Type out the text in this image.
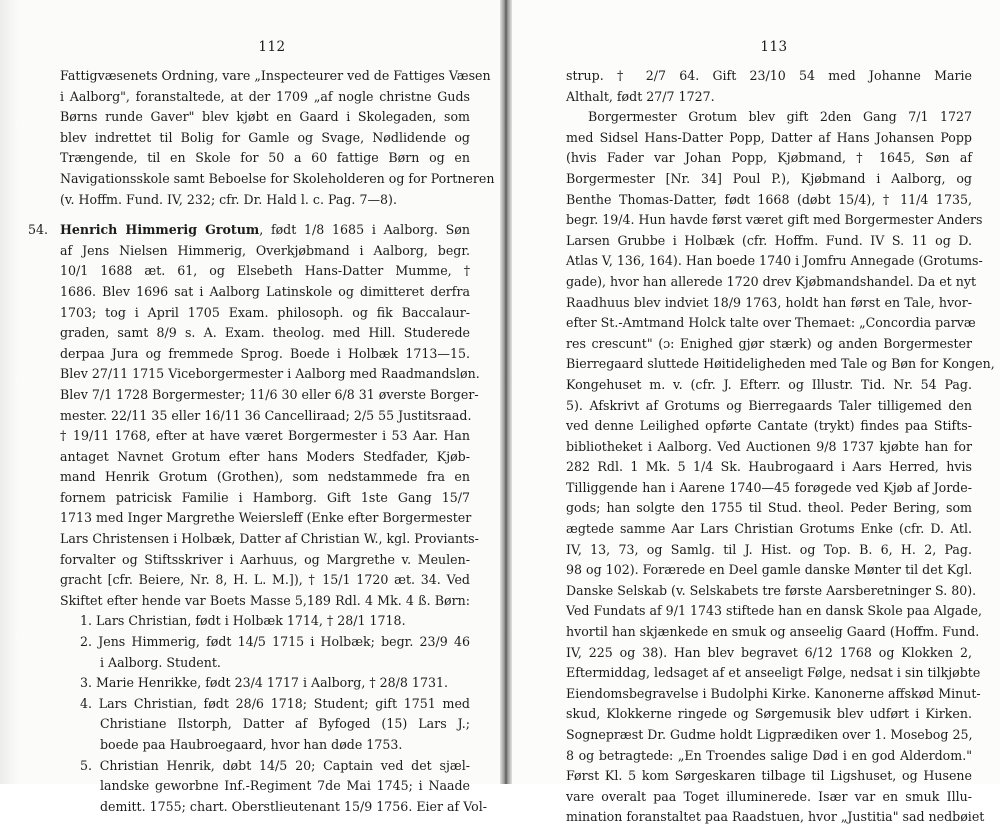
112
Fattigvæsenets Ordning, vare „Inspecteurer ved de Fattiges Væsen
i Aalborg", foranstaltede, at der 1709 „af nogle christne Guds
Børns runde Gaver" blev kjøbt en Gaard i Skolegaden, som
blev indrettet til Bolig for Gamle og Svage, Nødlidende og
Trængende, til en Skole for 50 a 60 fattige Børn og en
Navigationsskole samt Beboelse for Skoleholderen og for Portneren
(v. Hoffm. Fund. IV, 232; cfr. Dr. Hald l. c. Pag. 7—8).
54. Henrich Himmerig Grotum, født 1/8 1685 i Aalborg. Søn
af Jens Nielsen Himmerig, Overkjøbmand i Aalborg, begr.
10/1 1688 æt. 61, og Elsebeth Hans-Datter Mumme, †
1686. Blev 1696 sat i Aalborg Latinskole og dimitteret derfra
1703; tog i April 1705 Exam. philosoph. og fik Baccalaur-
graden, samt 8/9 s. A. Exam. theolog. med Hill. Studerede
derpaa Jura og fremmede Sprog. Boede i Holbæk 1713—15.
Blev 27/11 1715 Viceborgermester i Aalborg med Raadmandsløn.
Blev 7/1 1728 Borgermester; 11/6 30 eller 6/8 31 øverste Borger-
mester. 22/11 35 eller 16/11 36 Cancelliraad; 2/5 55 Justitsraad.
† 19/11 1768, efter at have været Borgermester i 53 Aar. Han
antaget Navnet Grotum efter hans Moders Stedfader, Kjøb-
mand Henrik Grotum (Grothen), som nedstammede fra en
fornem patricisk Familie i Hamborg. Gift 1ste Gang 15/7
1713 med Inger Margrethe Weiersleff (Enke efter Borgermester
Lars Christensen i Holbæk, Datter af Christian W., kgl. Proviants-
forvalter og Stiftsskriver i Aarhuus, og Margrethe v. Meulen-
gracht [cfr. Beiere, Nr. 8, H. L. M.]), † 15/1 1720 æt. 34. Ved
Skiftet efter hende var Boets Masse 5,189 Rdl. 4 Mk. 4 ß. Børn:
1. Lars Christian, født i Holbæk 1714, † 28/1 1718.
2. Jens Himmerig, født 14/5 1715 i Holbæk; begr. 23/9 46
i Aalborg. Student.
3. Marie Henrikke, født 23/4 1717 i Aalborg, † 28/8 1731.
4. Lars Christian, født 28/6 1718; Student; gift 1751 med
Christiane Ilstorph, Datter af Byfoged (15) Lars J.;
boede paa Haubroegaard, hvor han døde 1753.
5. Christian Henrik, døbt 14/5 20; Captain ved det sjæl-
landske geworbne Inf.-Regiment 7de Mai 1745; i Naade
demitt. 1755; chart. Oberstlieutenant 15/9 1756. Eier af Vol-
113
strup. † 2/7 64. Gift 23/10 54 med Johanne Marie
Althalt, født 27/7 1727.
Borgermester Grotum blev gift 2den Gang 7/1 1727
med Sidsel Hans-Datter Popp, Datter af Hans Johansen Popp
(hvis Fader var Johan Popp, Kjøbmand, † 1645, Søn af
Borgermester [Nr. 34] Poul P.), Kjøbmand i Aalborg, og
Benthe Thomas-Datter, født 1668 (døbt 15/4), † 11/4 1735,
begr. 19/4. Hun havde først været gift med Borgermester Anders
Larsen Grubbe i Holbæk (cfr. Hoffm. Fund. IV S. 11 og D.
Atlas V, 136, 164). Han boede 1740 i Jomfru Annegade (Grotums-
gade), hvor han allerede 1720 drev Kjøbmandshandel. Da et nyt
Raadhuus blev indviet 18/9 1763, holdt han først en Tale, hvor-
efter St.-Amtmand Holck talte over Themaet: „Concordia parvæ
res crescunt" (ɔ: Enighed gjør stærk) og anden Borgermester
Bierregaard sluttede Høitideligheden med Tale og Bøn for Kongen,
Kongehuset m. v. (cfr. J. Efterr. og Illustr. Tid. Nr. 54 Pag.
5). Afskrivt af Grotums og Bierregaards Taler tilligemed den
ved denne Leilighed opførte Cantate (trykt) findes paa Stifts-
bibliotheket i Aalborg. Ved Auctionen 9/8 1737 kjøbte han for
282 Rdl. 1 Mk. 5 1/4 Sk. Haubrogaard i Aars Herred, hvis
Tilliggende han i Aarene 1740—45 forøgede ved Kjøb af Jorde-
gods; han solgte den 1755 til Stud. theol. Peder Bering, som
ægtede samme Aar Lars Christian Grotums Enke (cfr. D. Atl.
IV, 13, 73, og Samlg. til J. Hist. og Top. B. 6, H. 2, Pag.
98 og 102). Forærede en Deel gamle danske Mønter til det Kgl.
Danske Selskab (v. Selskabets tre første Aarsberetninger S. 80).
Ved Fundats af 9/1 1743 stiftede han en dansk Skole paa Algade,
hvortil han skjænkede en smuk og anseelig Gaard (Hoffm. Fund.
IV, 225 og 38). Han blev begravet 6/12 1768 og Klokken 2,
Eftermiddag, ledsaget af et anseeligt Følge, nedsat i sin tilkjøbte
Eiendomsbegravelse i Budolphi Kirke. Kanonerne affskød Minut-
skud, Klokkerne ringede og Sørgemusik blev udført i Kirken.
Sognepræst Dr. Gudme holdt Ligprædiken over 1. Mosebog 25,
8 og betragtede: „En Troendes salige Død i en god Alderdom."
Først Kl. 5 kom Sørgeskaren tilbage til Ligshuset, og Husene
vare overalt paa Toget illuminerede. Især var en smuk Illu-
mination foranstaltet paa Raadstuen, hvor „Justitia" sad nedbøiet
